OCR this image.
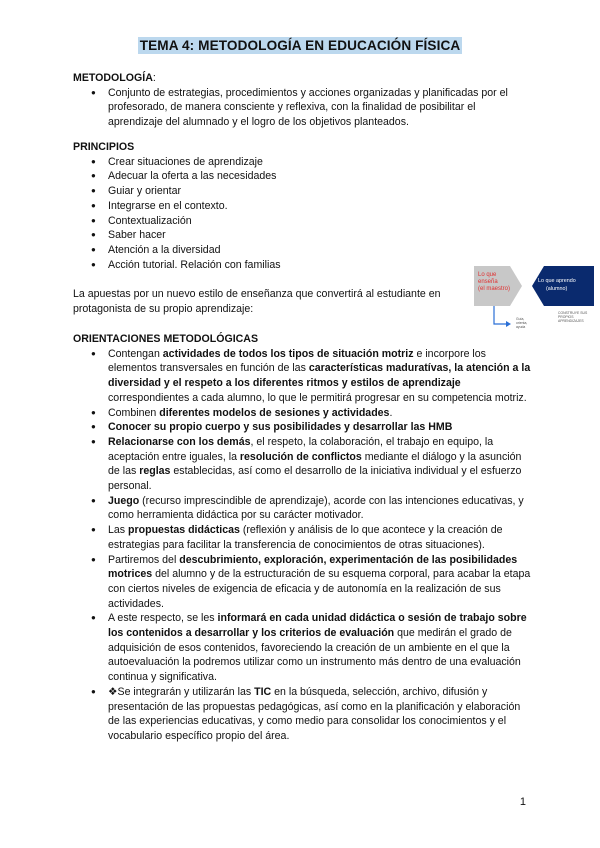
TEMA 4: METODOLOGÍA EN EDUCACIÓN FÍSICA
METODOLOGÍA:
● Conjunto de estrategias, procedimientos y acciones organizadas y planificadas por el profesorado, de manera consciente y reflexiva, con la finalidad de posibilitar el aprendizaje del alumnado y el logro de los objetivos planteados.
PRINCIPIOS
● Crear situaciones de aprendizaje
● Adecuar la oferta a las necesidades
● Guiar y orientar
● Integrarse en el contexto.
● Contextualización
● Saber hacer
● Atención a la diversidad
● Acción tutorial. Relación con familias
Lo que enseña (el maestro)
Lo que aprendo (alumno)
Guía, orienta, ayuda
CONSTRUYE SUS PROPIOS APRENDIZAJES
La apuestas por un nuevo estilo de enseñanza que convertirá al estudiante en protagonista de su propio aprendizaje:
ORIENTACIONES METODOLÓGICAS
● Contengan actividades de todos los tipos de situación motriz e incorpore los elementos transversales en función de las características maduratívas, la atención a la diversidad y el respeto a los diferentes ritmos y estilos de aprendizaje correspondientes a cada alumno, lo que le permitirá progresar en su competencia motriz.
● Combinen diferentes modelos de sesiones y actividades.
● Conocer su propio cuerpo y sus posibilidades y desarrollar las HMB
● Relacionarse con los demás, el respeto, la colaboración, el trabajo en equipo, la aceptación entre iguales, la resolución de conflictos mediante el diálogo y la asunción de las reglas establecidas, así como el desarrollo de la iniciativa individual y el esfuerzo personal.
● Juego (recurso imprescindible de aprendizaje), acorde con las intenciones educativas, y como herramienta didáctica por su carácter motivador.
● Las propuestas didácticas (reflexión y análisis de lo que acontece y la creación de estrategias para facilitar la transferencia de conocimientos de otras situaciones).
● Partiremos del descubrimiento, exploración, experimentación de las posibilidades motrices del alumno y de la estructuración de su esquema corporal, para acabar la etapa con ciertos niveles de exigencia de eficacia y de autonomía en la realización de sus actividades.
● A este respecto, se les informará en cada unidad didáctica o sesión de trabajo sobre los contenidos a desarrollar y los criterios de evaluación que medirán el grado de adquisición de esos contenidos, favoreciendo la creación de un ambiente en el que la autoevaluación la podremos utilizar como un instrumento más dentro de una evaluación continua y significativa.
● ❖Se integrarán y utilizarán las TIC en la búsqueda, selección, archivo, difusión y presentación de las propuestas pedagógicas, así como en la planificación y elaboración de las experiencias educativas, y como medio para consolidar los conocimientos y el vocabulario específico propio del área.
1
